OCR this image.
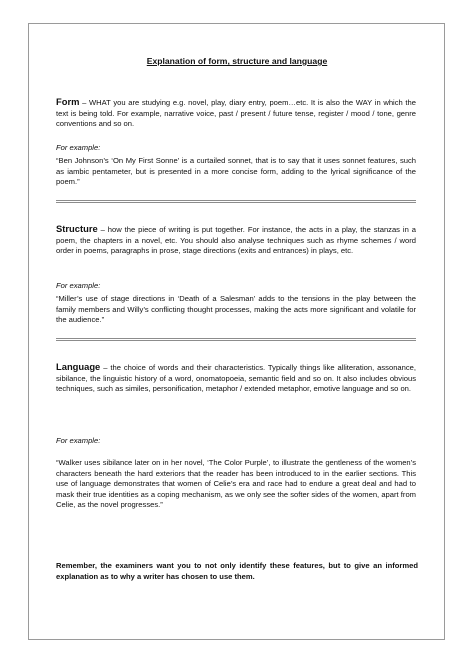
Explanation of form, structure and language

Form – WHAT you are studying e.g. novel, play, diary entry, poem…etc. It is also the WAY in which the text is being told. For example, narrative voice, past / present / future tense, register / mood / tone, genre conventions and so on.

For example:

“Ben Johnson’s ‘On My First Sonne’ is a curtailed sonnet, that is to say that it uses sonnet features, such as iambic pentameter, but is presented in a more concise form, adding to the lyrical significance of the poem.”

Structure – how the piece of writing is put together. For instance, the acts in a play, the stanzas in a poem, the chapters in a novel, etc. You should also analyse techniques such as rhyme schemes / word order in poems, paragraphs in prose, stage directions (exits and entrances) in plays, etc.

For example:

“Miller’s use of stage directions in ‘Death of a Salesman’ adds to the tensions in the play between the family members and Willy’s conflicting thought processes, making the acts more significant and volatile for the audience.”

Language – the choice of words and their characteristics. Typically things like alliteration, assonance, sibilance, the linguistic history of a word, onomatopoeia, semantic field and so on. It also includes obvious techniques, such as similes, personification, metaphor / extended metaphor, emotive language and so on.

For example:

“Walker uses sibilance later on in her novel, ‘The Color Purple’, to illustrate the gentleness of the women’s characters beneath the hard exteriors that the reader has been introduced to in the earlier sections. This use of language demonstrates that women of Celie’s era and race had to endure a great deal and had to mask their true identities as a coping mechanism, as we only see the softer sides of the women, apart from Celie, as the novel progresses.”

Remember, the examiners want you to not only identify these features, but to give an informed explanation as to why a writer has chosen to use them.
